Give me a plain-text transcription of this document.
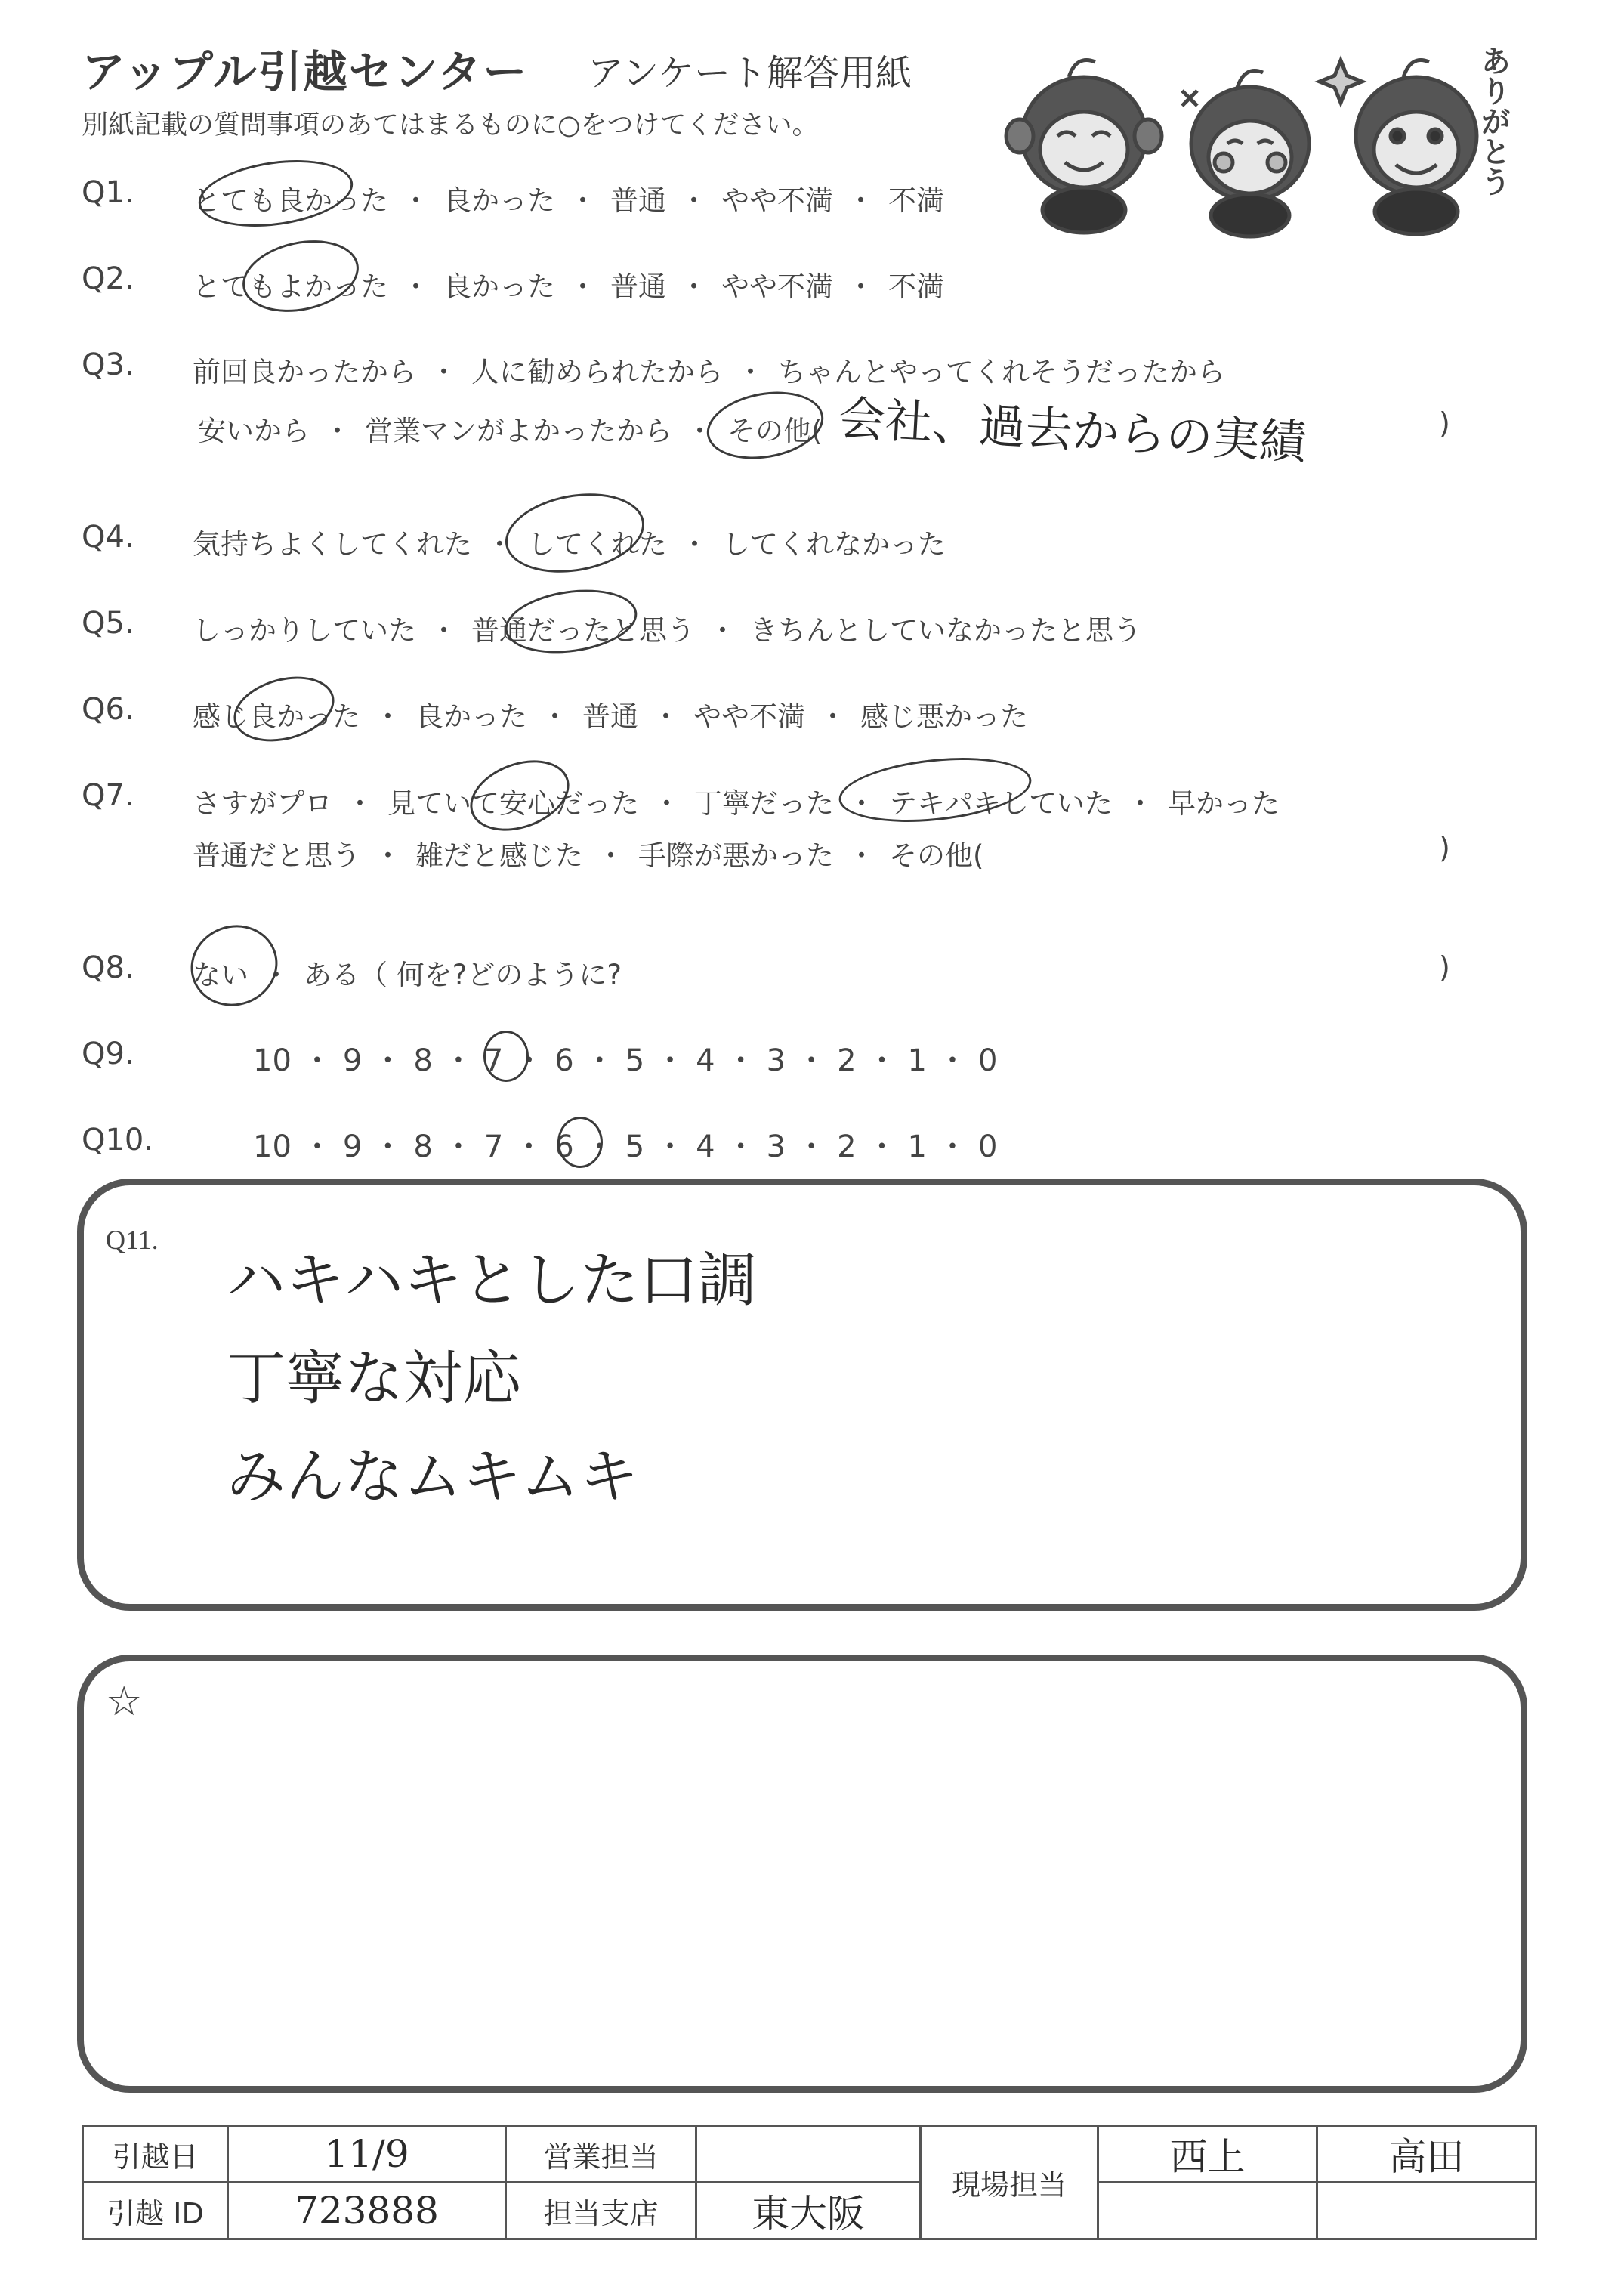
アップル引越センター アンケート解答用紙
別紙記載の質問事項のあてはまるものに○をつけてください。	ありがとう
Q1. とても良かった ・ 良かった ・ 普通 ・ やや不満 ・ 不満
Q2. とてもよかった ・ 良かった ・ 普通 ・ やや不満 ・ 不満
Q3. 前回良かったから ・ 人に勧められたから ・ ちゃんとやってくれそうだったから
安いから ・ 営業マンがよかったから ・ その他( 会社、過去からの実績	)
Q4. 気持ちよくしてくれた ・ してくれた ・ してくれなかった
Q5. しっかりしていた ・ 普通だったと思う ・ きちんとしていなかったと思う
Q6. 感じ良かった ・ 良かった ・ 普通 ・ やや不満 ・ 感じ悪かった
Q7. さすがプロ ・ 見ていて安心だった ・ 丁寧だった ・ テキパキしていた ・ 早かった
普通だと思う ・ 雑だと感じた ・ 手際が悪かった ・ その他(	)
Q8. ない ・ ある（ 何を?どのように?	)
Q9.	10 ・ 9 ・ 8 ・ 7 ・ 6 ・ 5 ・ 4 ・ 3 ・ 2 ・ 1 ・ 0
Q10.	10 ・ 9 ・ 8 ・ 7 ・ 6 ・ 5 ・ 4 ・ 3 ・ 2 ・ 1 ・ 0
Q11.
ハキハキとした口調
丁寧な対応
みんなムキムキ
☆
引越日	11/9	営業担当		現場担当	西上	高田
引越 ID	723888	担当支店	東大阪			
